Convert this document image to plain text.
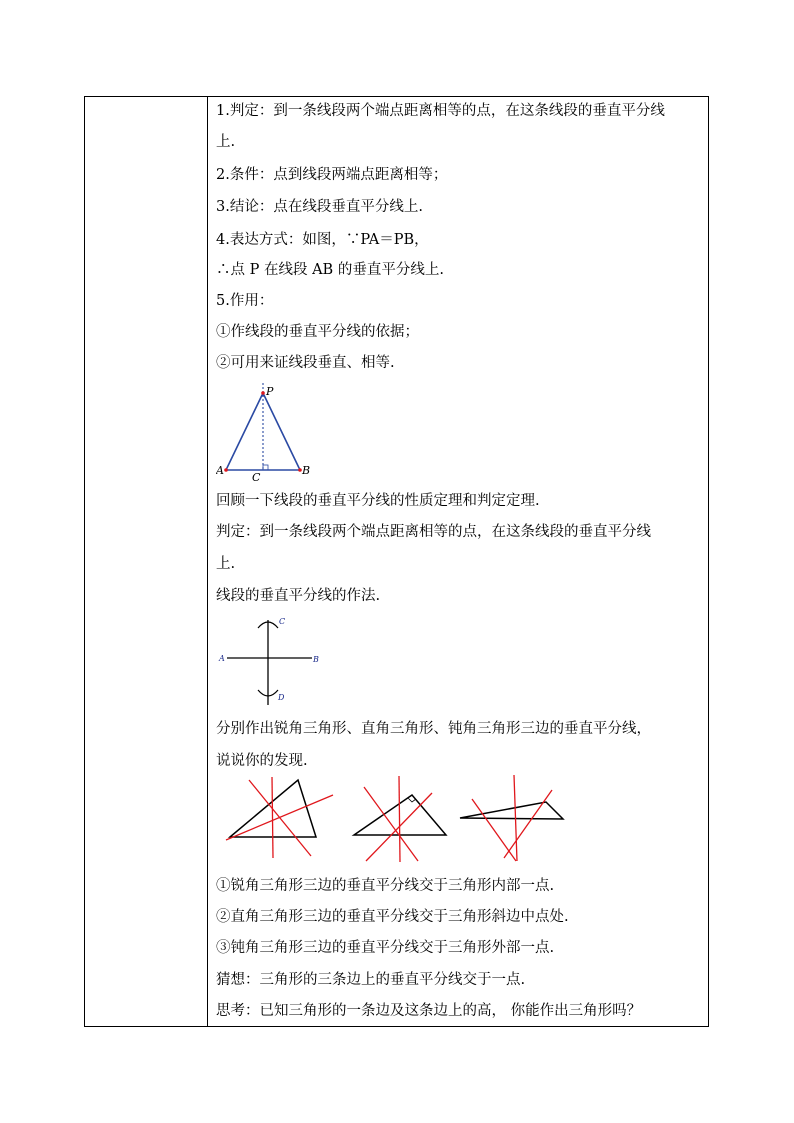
1.判定：到一条线段两个端点距离相等的点，在这条线段的垂直平分线
上.
2.条件：点到线段两端点距离相等；
3.结论：点在线段垂直平分线上.
4.表达方式：如图，∵PA＝PB，
∴点 P 在线段 AB 的垂直平分线上.
5.作用：
①作线段的垂直平分线的依据；
②可用来证线段垂直、相等.
P
A	B
C
回顾一下线段的垂直平分线的性质定理和判定定理.
判定：到一条线段两个端点距离相等的点，在这条线段的垂直平分线
上.
线段的垂直平分线的作法.
A	B
C
D
分别作出锐角三角形、直角三角形、钝角三角形三边的垂直平分线，
说说你的发现.
①锐角三角形三边的垂直平分线交于三角形内部一点.
②直角三角形三边的垂直平分线交于三角形斜边中点处.
③钝角三角形三边的垂直平分线交于三角形外部一点.
猜想：三角形的三条边上的垂直平分线交于一点.
思考：已知三角形的一条边及这条边上的高， 你能作出三角形吗？
